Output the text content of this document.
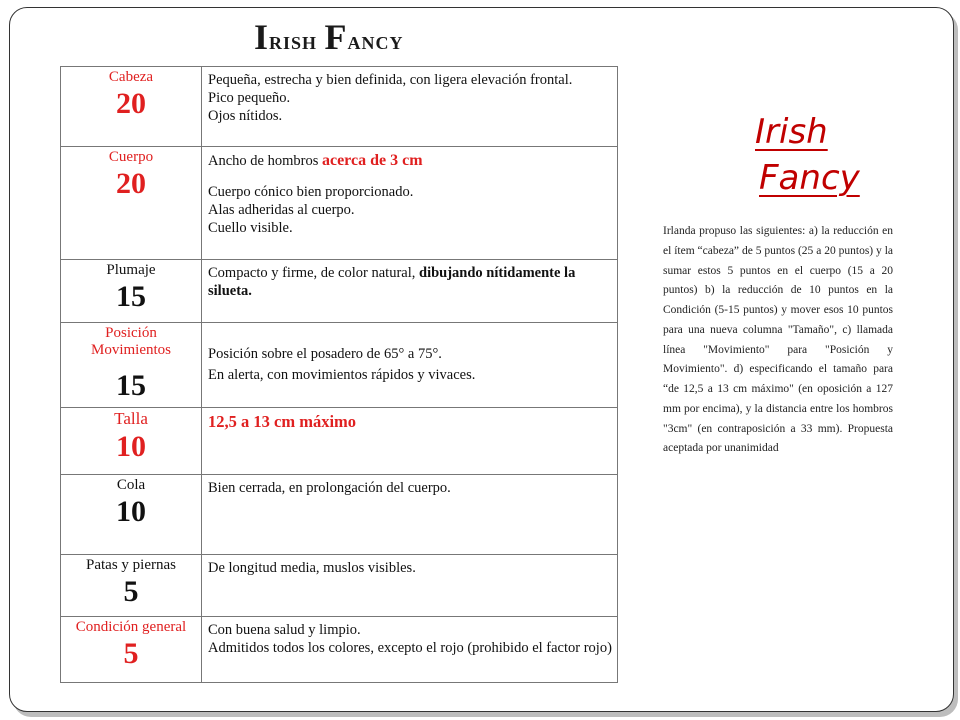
Irish Fancy
Cabeza
20	Pequeña, estrecha y bien definida, con ligera elevación frontal.
Pico pequeño.
Ojos nítidos.

Cuerpo
20	Ancho de hombros acerca de 3 cm
Cuerpo cónico bien proporcionado.
Alas adheridas al cuerpo.
Cuello visible.

Plumaje
15	Compacto y firme, de color natural, dibujando nítidamente la silueta.

Posición Movimientos
15	Posición sobre el posadero de 65° a 75°.
En alerta, con movimientos rápidos y vivaces.

Talla
10	12,5 a 13 cm máximo

Cola
10	Bien cerrada, en prolongación del cuerpo.

Patas y piernas
5	De longitud media, muslos visibles.

Condición general
5	Con buena salud y limpio.
Admitidos todos los colores, excepto el rojo (prohibido el factor rojo)
Irish
Fancy
Irlanda propuso las siguientes: a) la reducción en el ítem “cabeza” de 5 puntos (25 a 20 puntos) y la sumar estos 5 puntos en el cuerpo (15 a 20 puntos) b) la reducción de 10 puntos en la Condición (5-15 puntos) y mover esos 10 puntos para una nueva columna "Tamaño", c) llamada línea "Movimiento" para "Posición y Movimiento". d) especificando el tamaño para “de 12,5 a 13 cm máximo" (en oposición a 127 mm por encima), y la distancia entre los hombros "3cm" (en contraposición a 33 mm). Propuesta aceptada por unanimidad
